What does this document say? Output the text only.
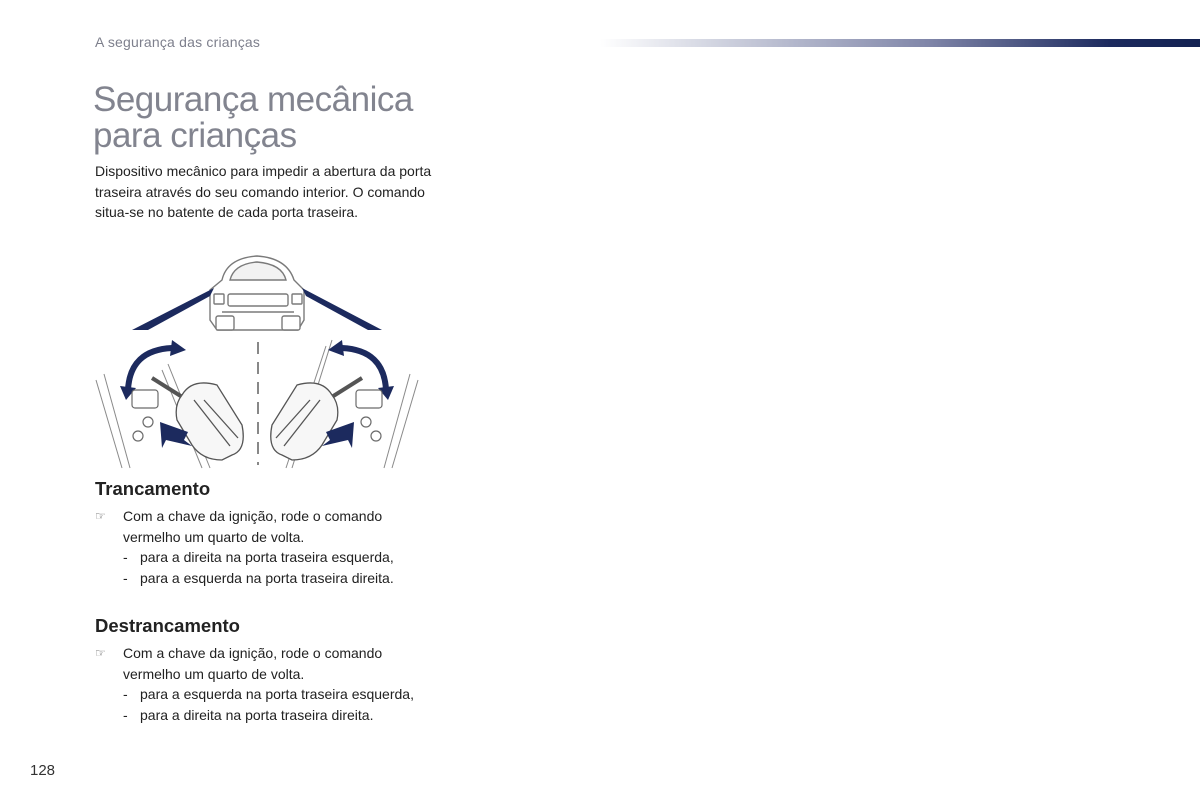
A segurança das crianças
Segurança mecânica para crianças

Dispositivo mecânico para impedir a abertura da porta traseira através do seu comando interior. O comando situa-se no batente de cada porta traseira.

Trancamento
☞ Com a chave da ignição, rode o comando vermelho um quarto de volta.
- para a direita na porta traseira esquerda,
- para a esquerda na porta traseira direita.
Destrancamento
☞ Com a chave da ignição, rode o comando vermelho um quarto de volta.
- para a esquerda na porta traseira esquerda,
- para a direita na porta traseira direita.
128
